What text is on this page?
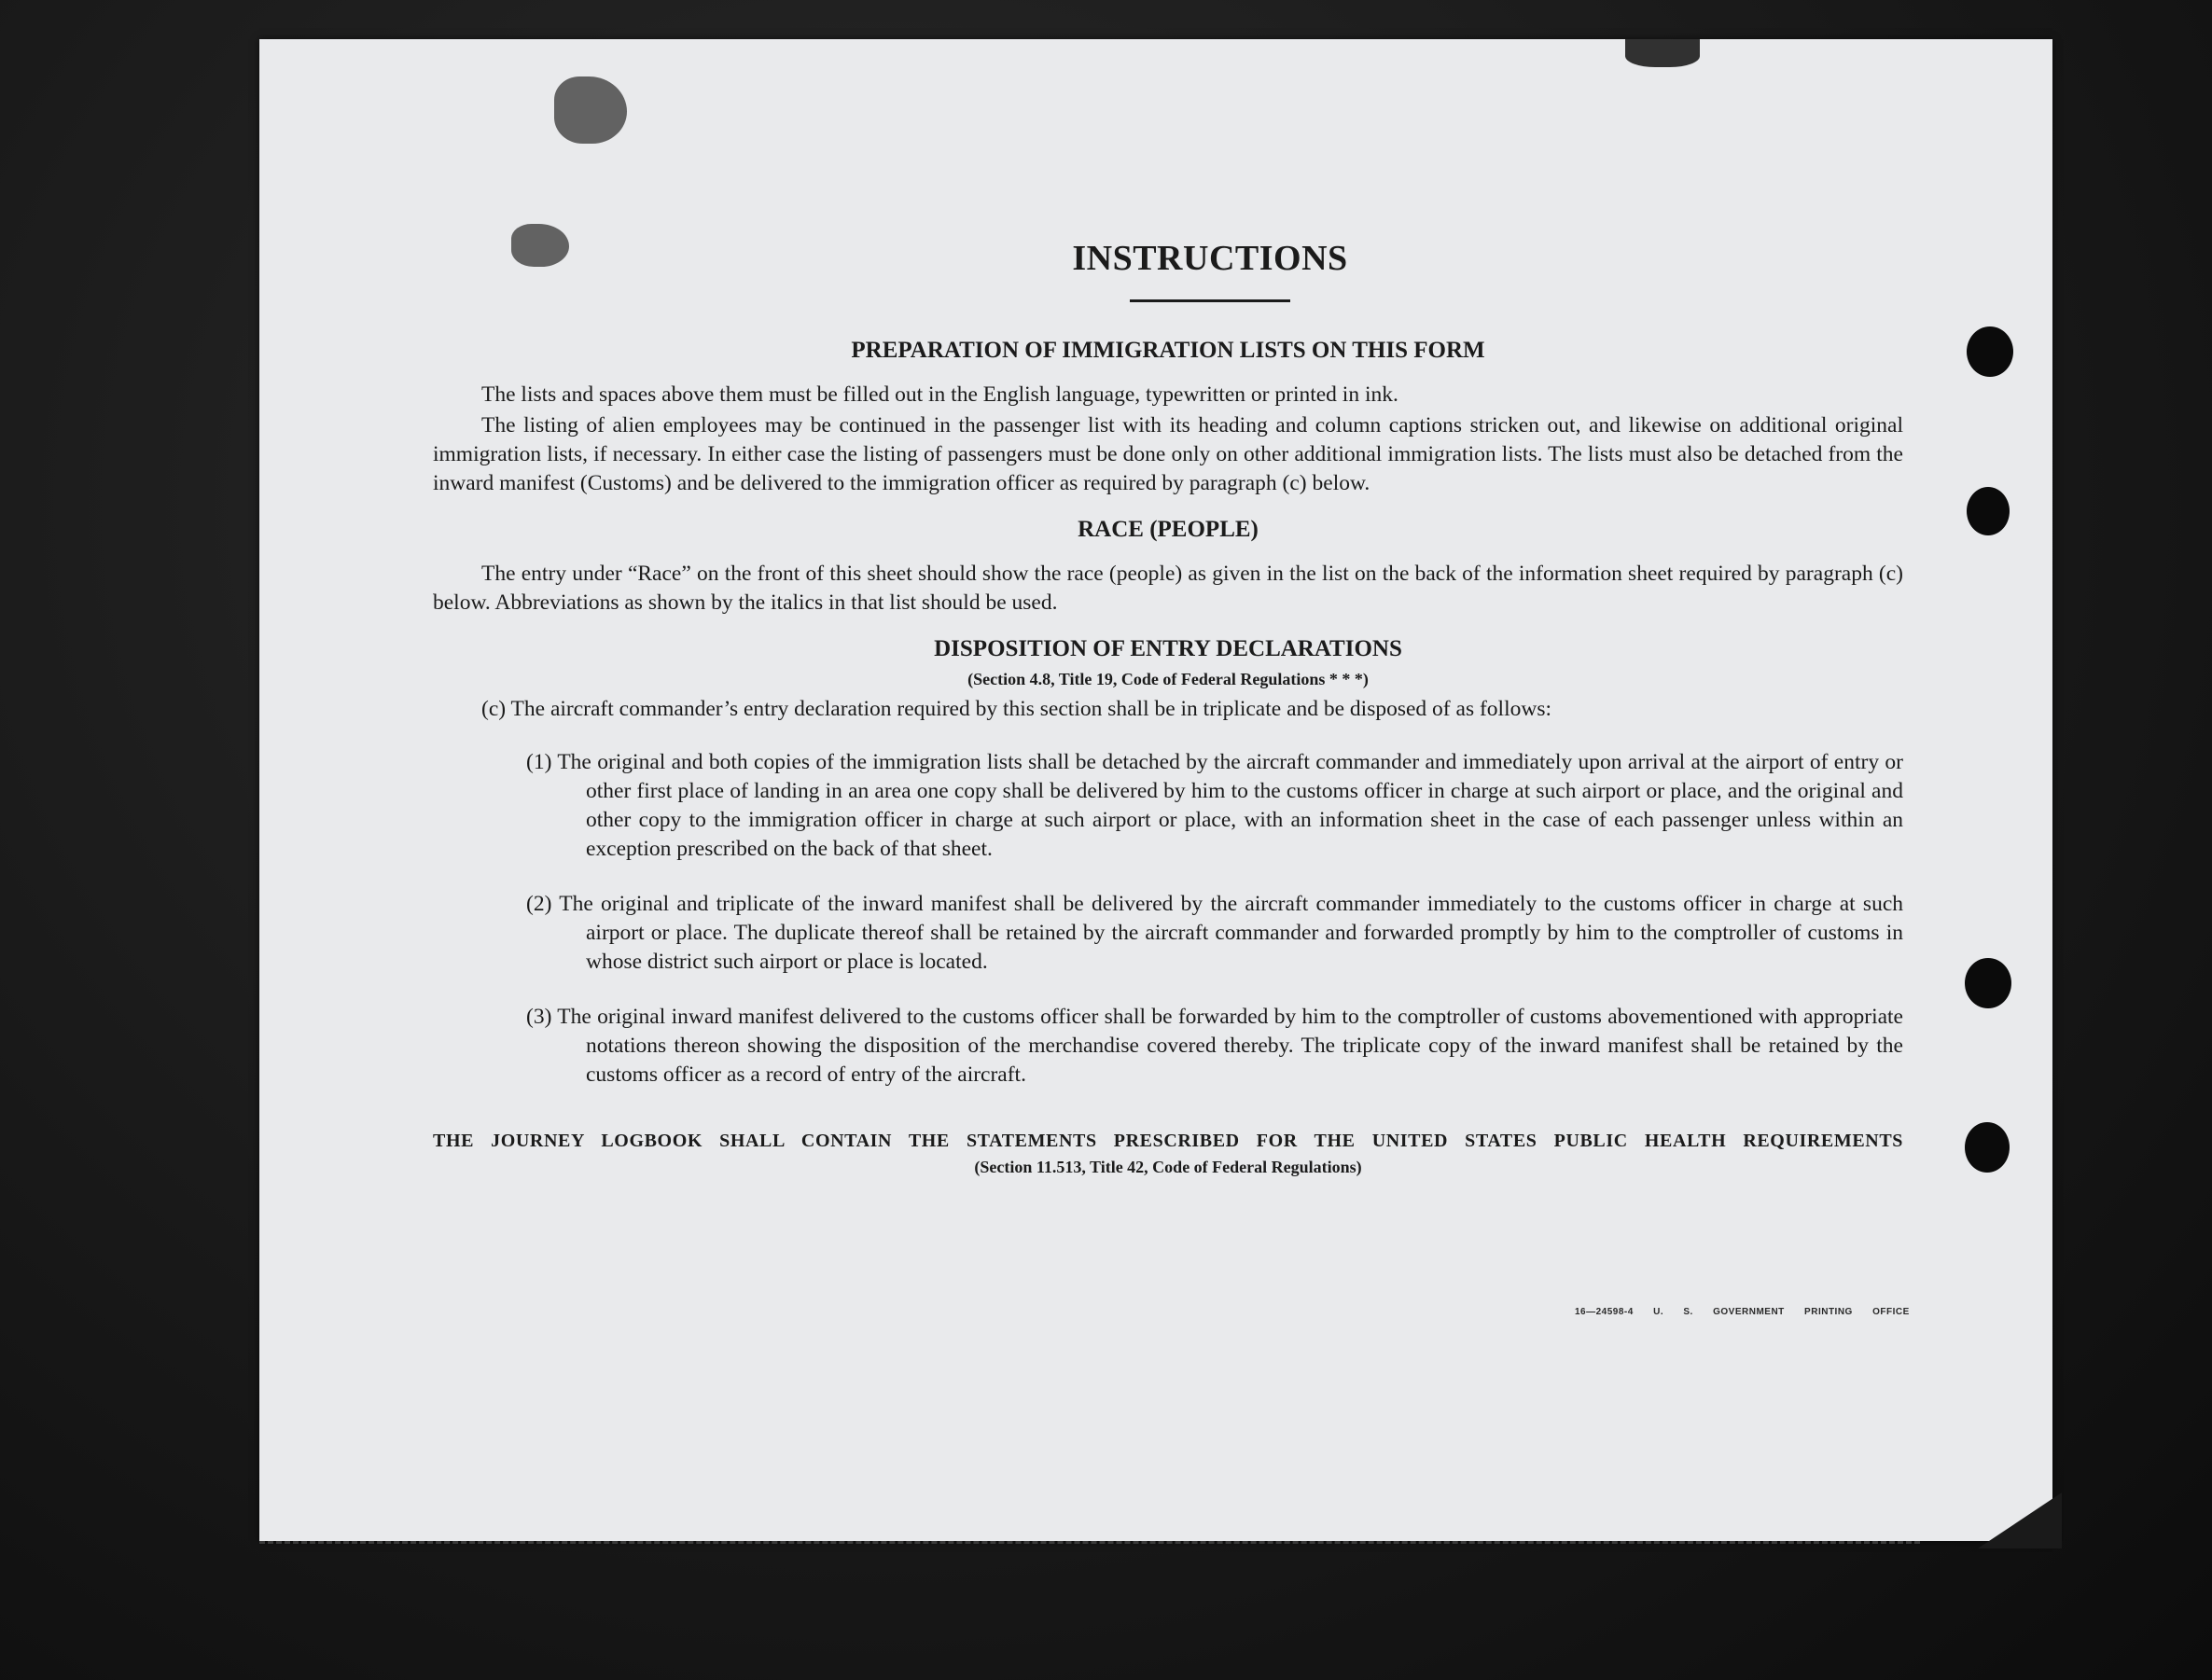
INSTRUCTIONS
PREPARATION OF IMMIGRATION LISTS ON THIS FORM

The lists and spaces above them must be filled out in the English language, typewritten or printed in ink.

The listing of alien employees may be continued in the passenger list with its heading and column captions stricken out, and likewise on additional original immigration lists, if necessary. In either case the listing of passengers must be done only on other additional immigration lists. The lists must also be detached from the inward manifest (Customs) and be delivered to the immigration officer as required by paragraph (c) below.

RACE (PEOPLE)

The entry under “Race” on the front of this sheet should show the race (people) as given in the list on the back of the information sheet required by paragraph (c) below. Abbreviations as shown by the italics in that list should be used.

DISPOSITION OF ENTRY DECLARATIONS

(Section 4.8, Title 19, Code of Federal Regulations * * *)

(c) The aircraft commander’s entry declaration required by this section shall be in triplicate and be disposed of as follows:

(1) The original and both copies of the immigration lists shall be detached by the aircraft commander and immediately upon arrival at the airport of entry or other first place of landing in an area one copy shall be delivered by him to the customs officer in charge at such airport or place, and the original and other copy to the immigration officer in charge at such airport or place, with an information sheet in the case of each passenger unless within an exception prescribed on the back of that sheet.

(2) The original and triplicate of the inward manifest shall be delivered by the aircraft commander immediately to the customs officer in charge at such airport or place. The duplicate thereof shall be retained by the aircraft commander and forwarded promptly by him to the comptroller of customs in whose district such airport or place is located.

(3) The original inward manifest delivered to the customs officer shall be forwarded by him to the comptroller of customs abovementioned with appropriate notations thereon showing the disposition of the merchandise covered thereby. The triplicate copy of the inward manifest shall be retained by the customs officer as a record of entry of the aircraft.

THE JOURNEY LOGBOOK SHALL CONTAIN THE STATEMENTS PRESCRIBED FOR THE UNITED STATES PUBLIC HEALTH REQUIREMENTS

(Section 11.513, Title 42, Code of Federal Regulations)

16—24598‑4 U. S. GOVERNMENT PRINTING OFFICE
